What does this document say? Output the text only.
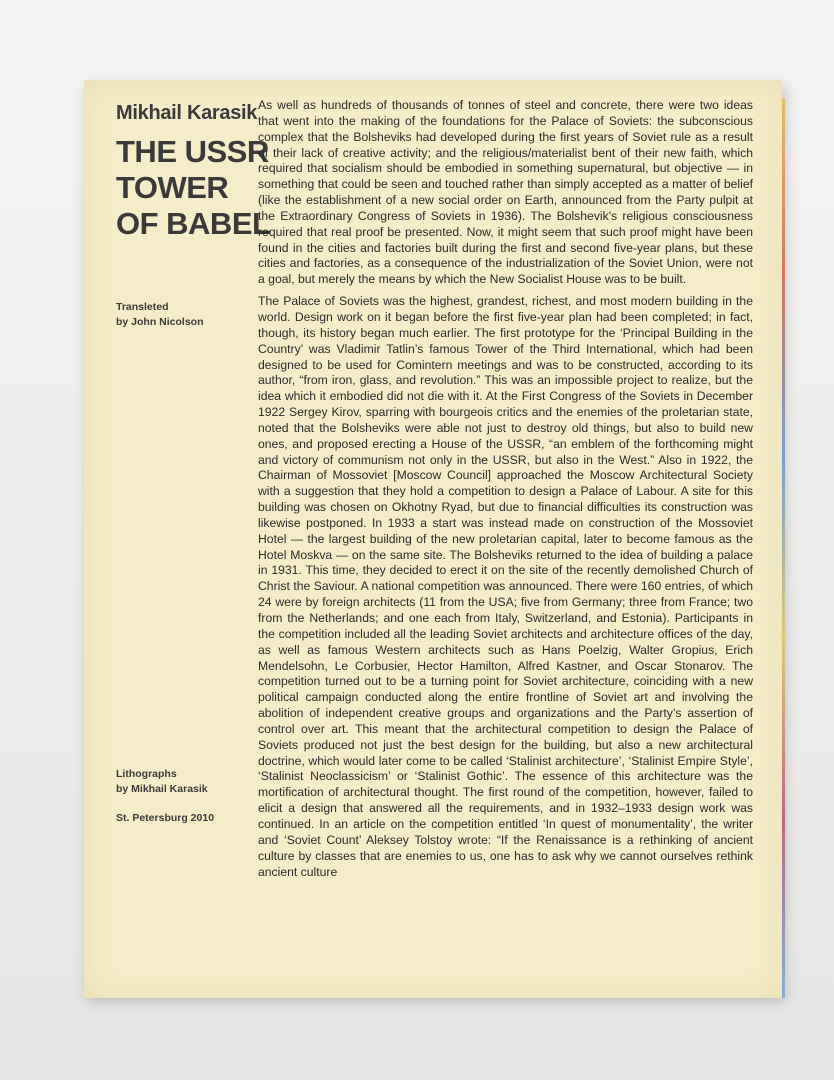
Mikhail Karasik
THE USSR
TOWER
OF BABEL
Transleted
by John Nicolson
Lithographs
by Mikhail Karasik
St. Petersburg 2010

As well as hundreds of thousands of tonnes of steel and concrete, there were two ideas that went into the making of the foundations for the Palace of Soviets: the subconscious complex that the Bolsheviks had developed during the first years of Soviet rule as a result of their lack of creative activity; and the religious/materialist bent of their new faith, which required that socialism should be embodied in something supernatural, but objective — in something that could be seen and touched rather than simply accepted as a matter of belief (like the establishment of a new social order on Earth, announced from the Party pulpit at the Extraordinary Congress of Soviets in 1936). The Bolshevik's religious consciousness required that real proof be presented. Now, it might seem that such proof might have been found in the cities and factories built during the first and second five-year plans, but these cities and factories, as a consequence of the industrialization of the Soviet Union, were not a goal, but merely the means by which the New Socialist House was to be built.

The Palace of Soviets was the highest, grandest, richest, and most modern building in the world. Design work on it began before the first five-year plan had been completed; in fact, though, its history began much earlier. The first prototype for the ‘Principal Building in the Country’ was Vladimir Tatlin’s famous Tower of the Third International, which had been designed to be used for Comintern meetings and was to be constructed, according to its author, “from iron, glass, and revolution.” This was an impossible project to realize, but the idea which it embodied did not die with it. At the First Congress of the Soviets in December 1922 Sergey Kirov, sparring with bourgeois critics and the enemies of the proletarian state, noted that the Bolsheviks were able not just to destroy old things, but also to build new ones, and proposed erecting a House of the USSR, “an emblem of the forthcoming might and victory of communism not only in the USSR, but also in the West.” Also in 1922, the Chairman of Mossoviet [Moscow Council] approached the Moscow Architectural Society with a suggestion that they hold a competition to design a Palace of Labour. A site for this building was chosen on Okhotny Ryad, but due to financial difficulties its construction was likewise postponed. In 1933 a start was instead made on construction of the Mossoviet Hotel — the largest building of the new proletarian capital, later to become famous as the Hotel Moskva — on the same site. The Bolsheviks returned to the idea of building a palace in 1931. This time, they decided to erect it on the site of the recently demolished Church of Christ the Saviour. A national competition was announced. There were 160 entries, of which 24 were by foreign architects (11 from the USA; five from Germany; three from France; two from the Netherlands; and one each from Italy, Switzerland, and Estonia). Participants in the competition included all the leading Soviet architects and architecture offices of the day, as well as famous Western architects such as Hans Poelzig, Walter Gropius, Erich Mendelsohn, Le Corbusier, Hector Hamilton, Alfred Kastner, and Oscar Stonarov. The competition turned out to be a turning point for Soviet architecture, coinciding with a new political campaign conducted along the entire frontline of Soviet art and involving the abolition of independent creative groups and organizations and the Party’s assertion of control over art. This meant that the architectural competition to design the Palace of Soviets produced not just the best design for the building, but also a new architectural doctrine, which would later come to be called ‘Stalinist architecture’, ‘Stalinist Empire Style’, ‘Stalinist Neoclassicism’ or ‘Stalinist Gothic’. The essence of this architecture was the mortification of architectural thought. The first round of the competition, however, failed to elicit a design that answered all the requirements, and in 1932–1933 design work was continued. In an article on the competition entitled ‘In quest of monumentality’, the writer and ‘Soviet Count’ Aleksey Tolstoy wrote: “If the Renaissance is a rethinking of ancient culture by classes that are enemies to us, one has to ask why we cannot ourselves rethink ancient culture
